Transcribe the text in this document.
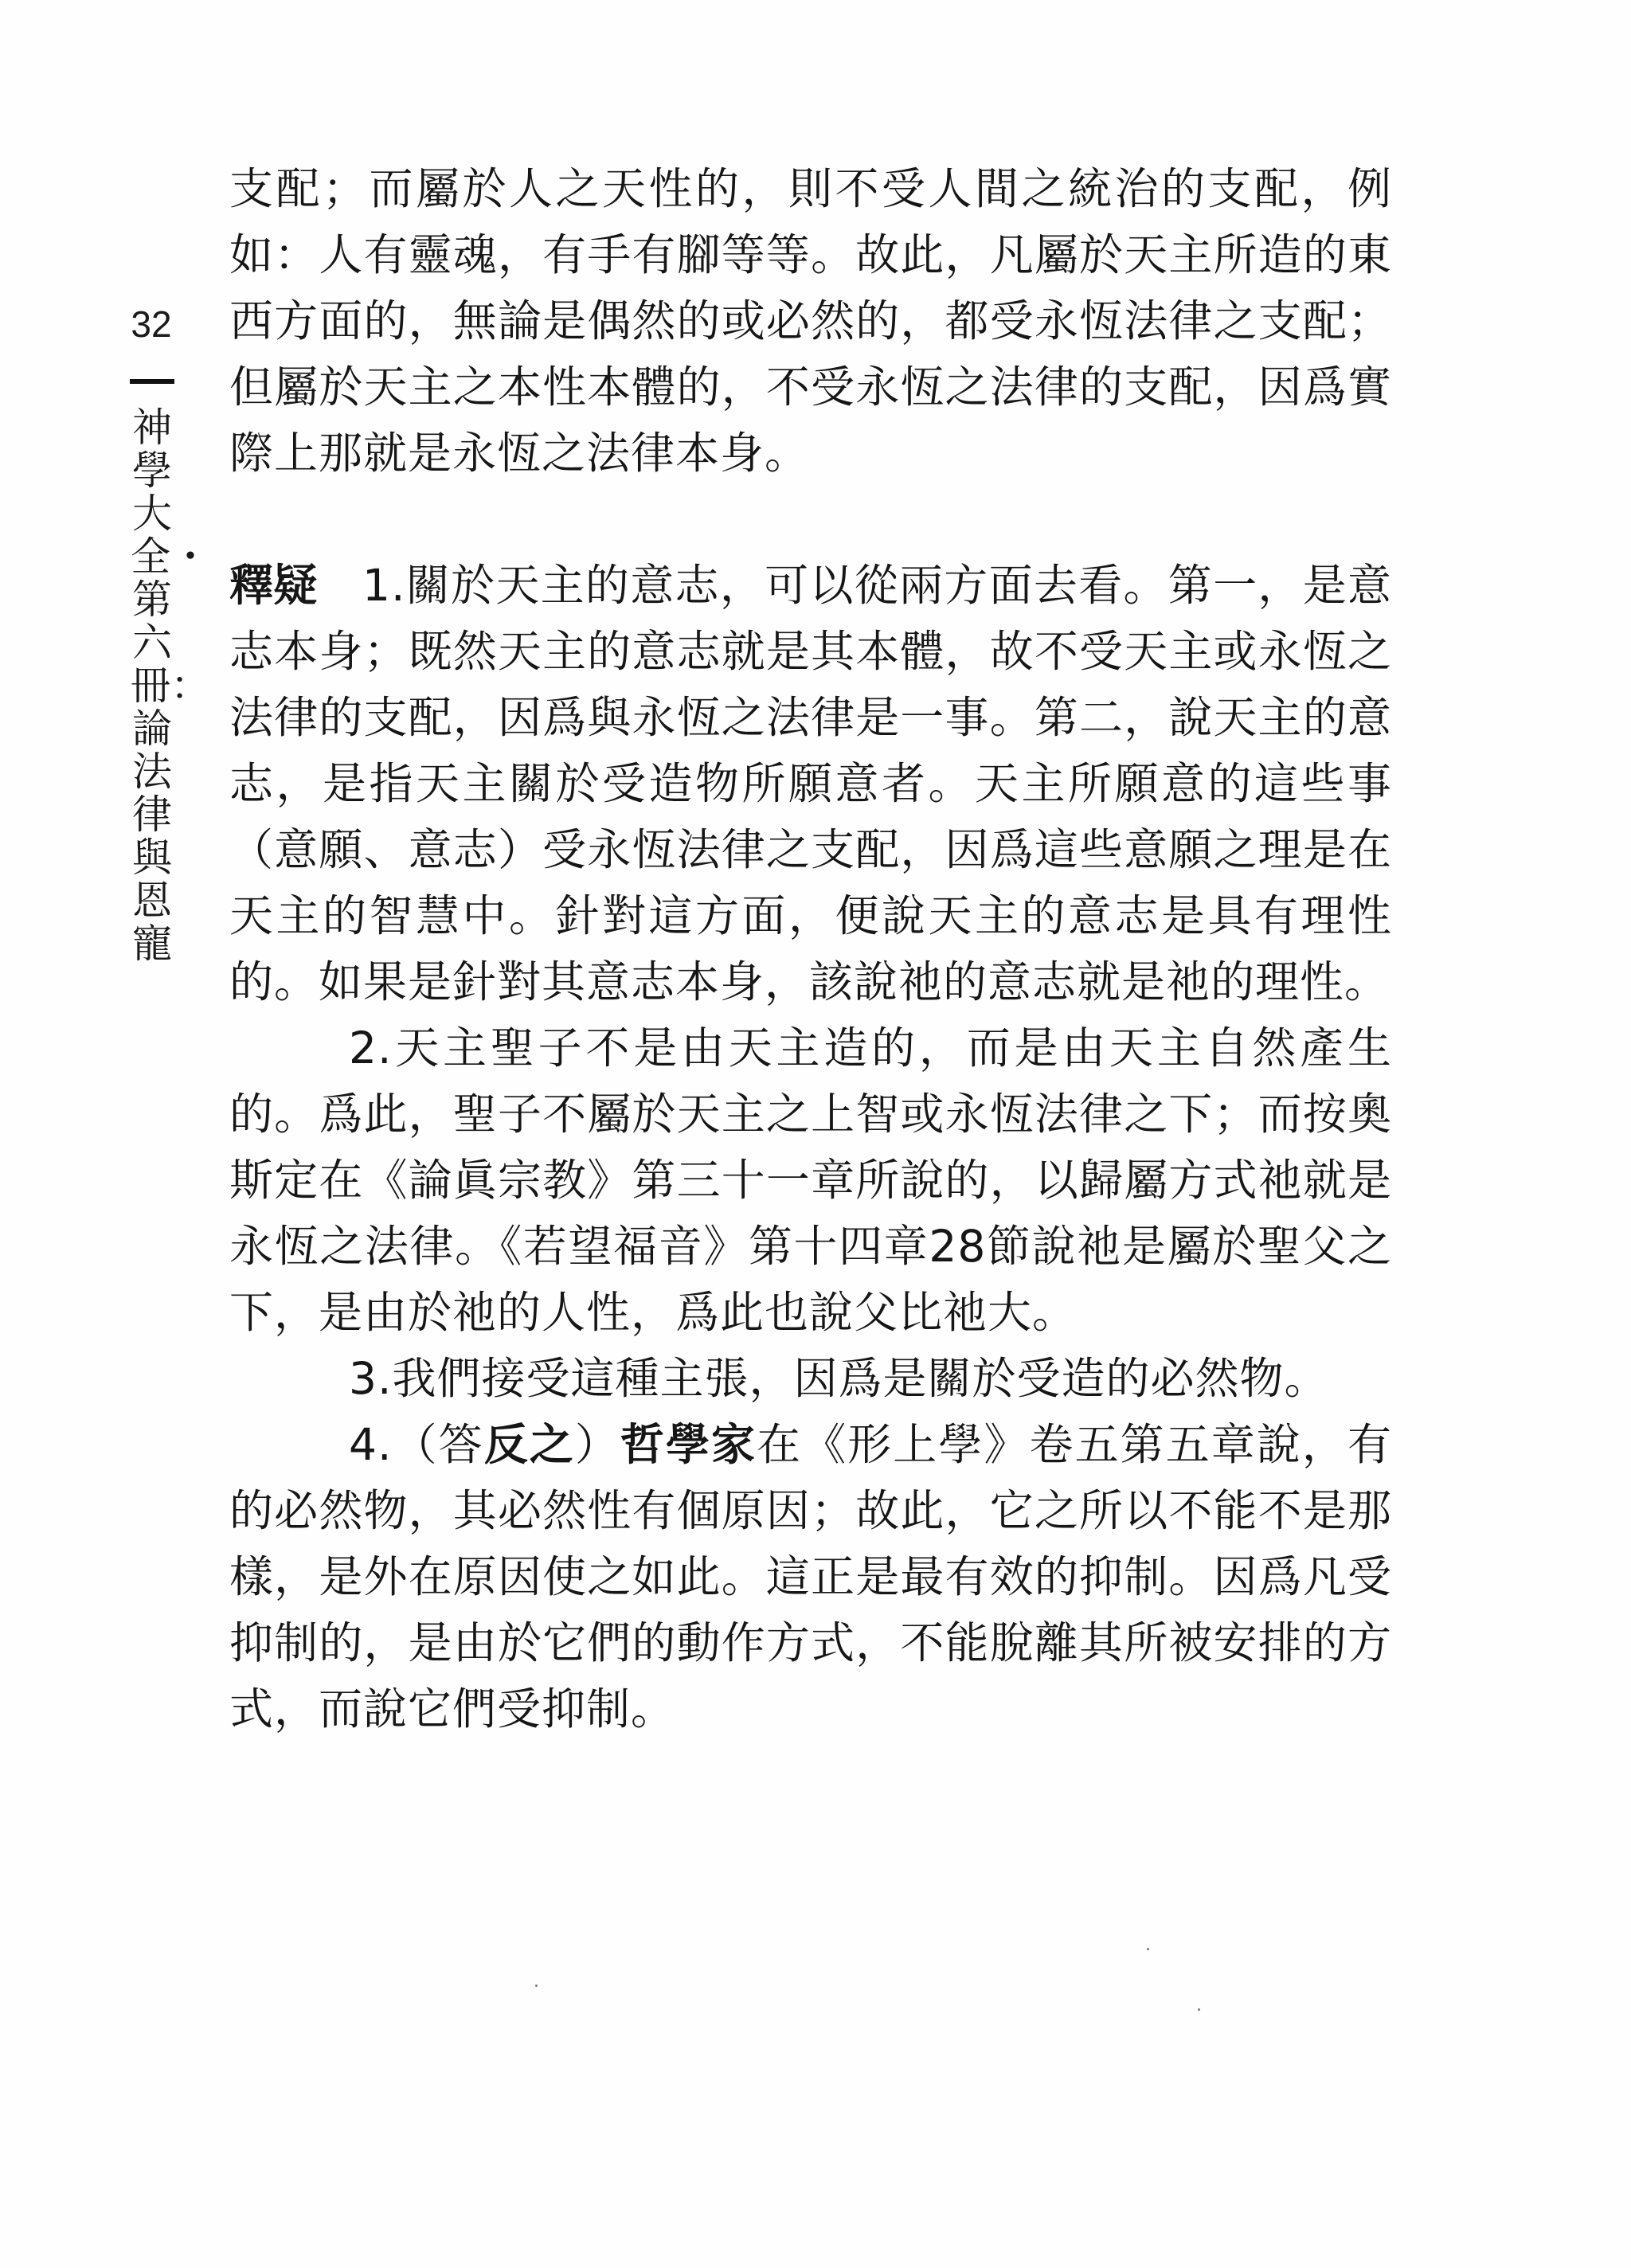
32
神學大全・第六冊：論法律與恩寵

支配；而屬於人之天性的，則不受人間之統治的支配，例如：人有靈魂，有手有腳等等。故此，凡屬於天主所造的東西方面的，無論是偶然的或必然的，都受永恆法律之支配；但屬於天主之本性本體的，不受永恆之法律的支配，因爲實際上那就是永恆之法律本身。

釋疑 1.關於天主的意志，可以從兩方面去看。第一，是意志本身；既然天主的意志就是其本體，故不受天主或永恆之法律的支配，因爲與永恆之法律是一事。第二，說天主的意志，是指天主關於受造物所願意者。天主所願意的這些事（意願、意志）受永恆法律之支配，因爲這些意願之理是在天主的智慧中。針對這方面，便說天主的意志是具有理性的。如果是針對其意志本身，該說祂的意志就是祂的理性。

2.天主聖子不是由天主造的，而是由天主自然產生的。爲此，聖子不屬於天主之上智或永恆法律之下；而按奧斯定在《論眞宗教》第三十一章所說的，以歸屬方式祂就是永恆之法律。《若望福音》第十四章28節說祂是屬於聖父之下，是由於祂的人性，爲此也說父比祂大。

3.我們接受這種主張，因爲是關於受造的必然物。

4.（答反之）哲學家在《形上學》卷五第五章說，有的必然物，其必然性有個原因；故此，它之所以不能不是那樣，是外在原因使之如此。這正是最有效的抑制。因爲凡受抑制的，是由於它們的動作方式，不能脫離其所被安排的方式，而說它們受抑制。
